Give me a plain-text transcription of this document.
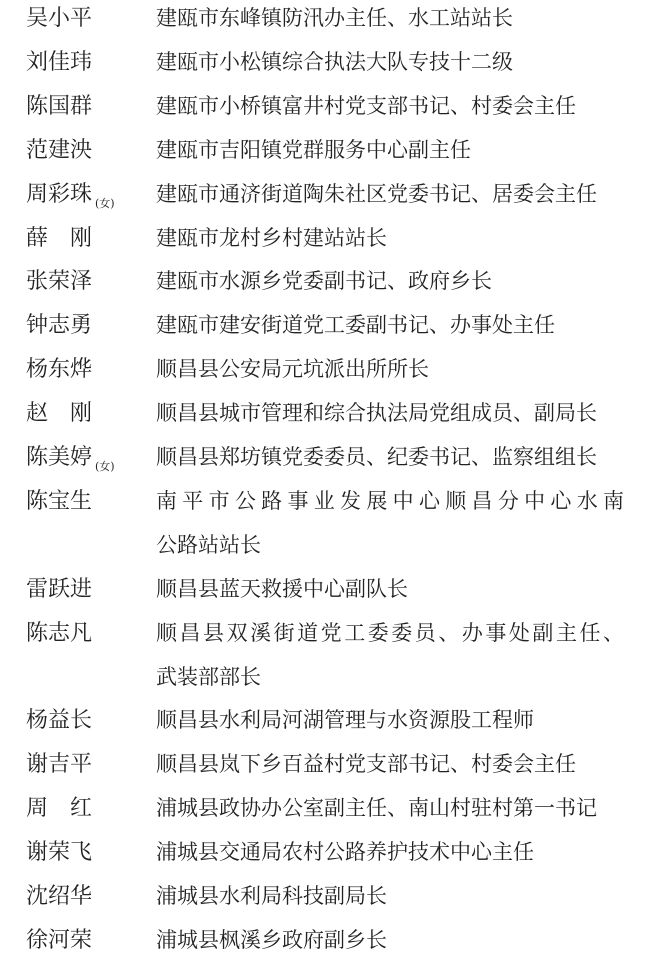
吴小平	建瓯市东峰镇防汛办主任、水工站站长
刘佳玮	建瓯市小松镇综合执法大队专技十二级
陈国群	建瓯市小桥镇富井村党支部书记、村委会主任
范建泱	建瓯市吉阳镇党群服务中心副主任
周彩珠 $_{(女)}$ 建瓯市通济街道陶朱社区党委书记、居委会主任
薛刚 建瓯市龙村乡村建站站长
张荣泽	建瓯市水源乡党委副书记、政府乡长
钟志勇	建瓯市建安街道党工委副书记、办事处主任
杨东烨	顺昌县公安局元坑派出所所长
赵刚 顺昌县城市管理和综合执法局党组成员、副局长
陈美婷 $_{(女)}$ 顺昌县郑坊镇党委委员、纪委书记、监察组组长
陈宝生	南平市公路事业发展中心顺昌分中心水南
公路站站长
雷跃进	顺昌县蓝天救援中心副队长
陈志凡	顺昌县双溪街道党工委委员、办事处副主任、
武装部部长
杨益长	顺昌县水利局河湖管理与水资源股工程师
谢吉平	顺昌县岚下乡百益村党支部书记、村委会主任
周红 浦城县政协办公室副主任、南山村驻村第一书记
谢荣飞	浦城县交通局农村公路养护技术中心主任
沈绍华	浦城县水利局科技副局长
徐河荣	浦城县枫溪乡政府副乡长
